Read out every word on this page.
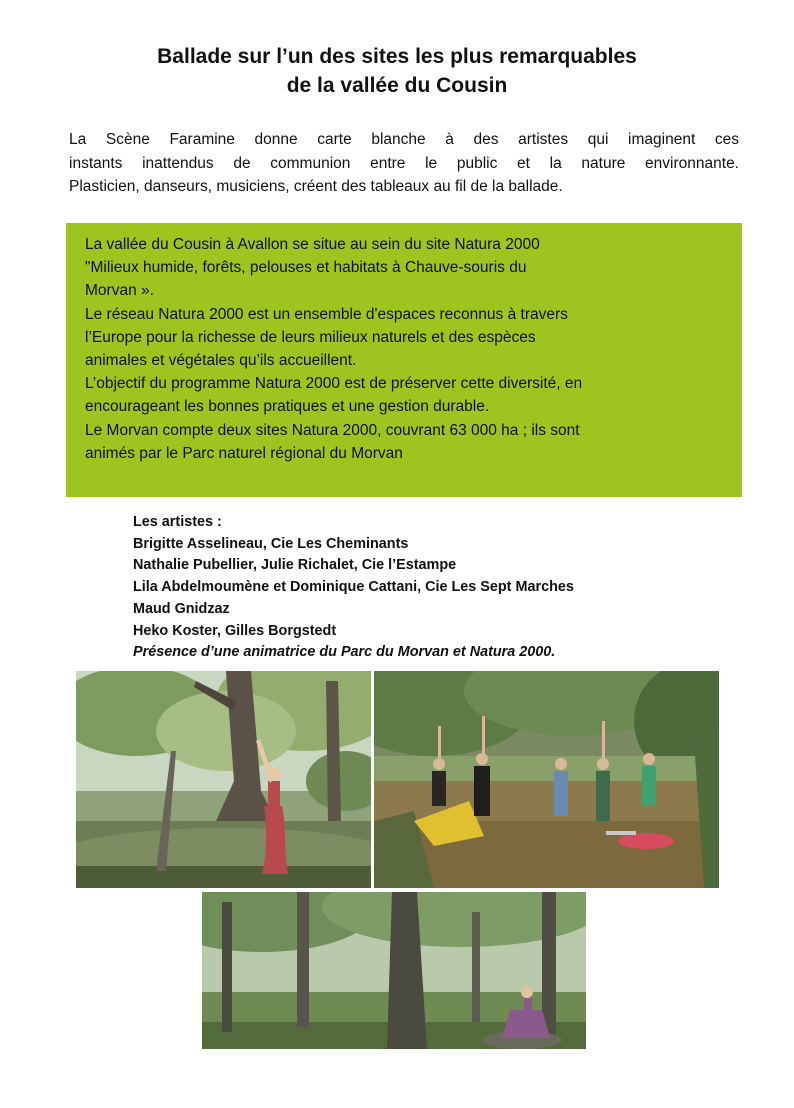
Ballade sur l’un des sites les plus remarquables
de la vallée du Cousin

La Scène Faramine donne carte blanche à des artistes qui imaginent ces
instants inattendus de communion entre le public et la nature environnante.
Plasticien, danseurs, musiciens, créent des tableaux au fil de la ballade.

La vallée du Cousin à Avallon se situe au sein du site Natura 2000

"Milieux humide, forêts, pelouses et habitats à Chauve-souris du

Morvan ».

Le réseau Natura 2000 est un ensemble d'espaces reconnus à travers

l’Europe pour la richesse de leurs milieux naturels et des espèces

animales et végétales qu’ils accueillent.

L’objectif du programme Natura 2000 est de préserver cette diversité, en

encourageant les bonnes pratiques et une gestion durable.

Le Morvan compte deux sites Natura 2000, couvrant 63 000 ha ; ils sont

animés par le Parc naturel régional du Morvan

Les artistes :
Brigitte Asselineau, Cie Les Cheminants
Nathalie Pubellier, Julie Richalet, Cie l’Estampe
Lila Abdelmoumène et Dominique Cattani, Cie Les Sept Marches
Maud Gnidzaz
Heko Koster, Gilles Borgstedt
Présence d’une animatrice du Parc du Morvan et Natura 2000.
